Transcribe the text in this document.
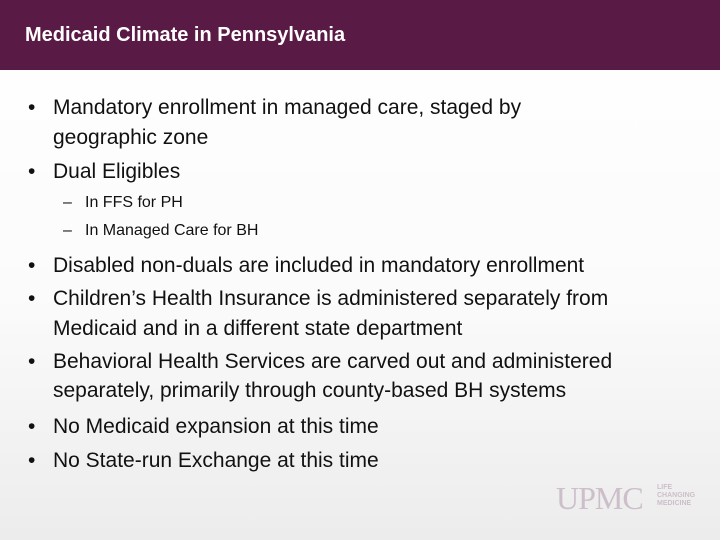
Medicaid Climate in Pennsylvania
• Mandatory enrollment in managed care, staged by
geographic zone
• Dual Eligibles
– In FFS for PH
– In Managed Care for BH
• Disabled non-duals are included in mandatory enrollment
• Children’s Health Insurance is administered separately from
Medicaid and in a different state department
• Behavioral Health Services are carved out and administered
separately, primarily through county-based BH systems
• No Medicaid expansion at this time
• No State-run Exchange at this time
UPMC LIFE
CHANGING
MEDICINE
